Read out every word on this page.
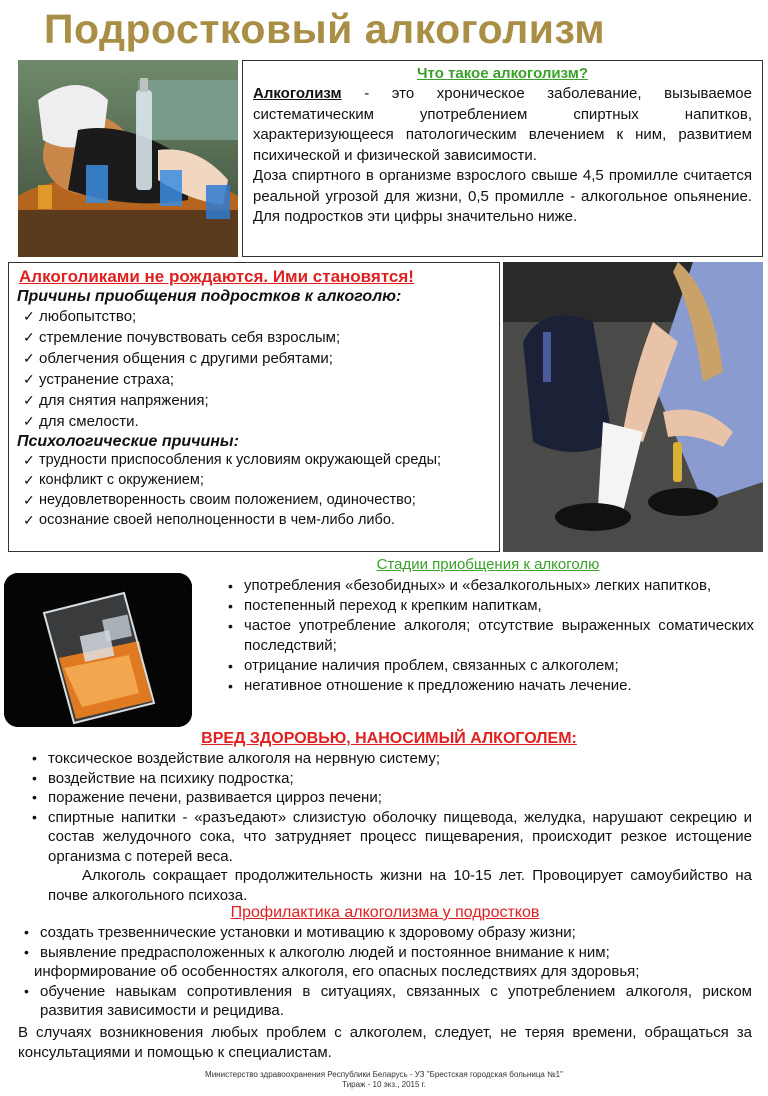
Подростковый алкоголизм
Что такое алкоголизм?

Алкоголизм - это хроническое заболевание, вызываемое систематическим употреблением спиртных напитков, характеризующееся патологическим влечением к ним, развитием психической и физической зависимости.

Доза спиртного в организме взрослого свыше 4,5 промилле считается реальной угрозой для жизни, 0,5 промилле - алкогольное опьянение. Для подростков эти цифры значительно ниже.

Алкоголиками не рождаются. Ими становятся!
Причины приобщения подростков к алкоголю:
✓ любопытство;
✓ стремление почувствовать себя взрослым;
✓ облегчения общения с другими ребятами;
✓ устранение страха;
✓ для снятия напряжения;
✓ для смелости.
Психологические причины:
✓ трудности приспособления к условиям окружающей среды;
✓ конфликт с окружением;
✓ неудовлетворенность своим положением, одиночество;
✓ осознание своей неполноценности в чем-либо либо.
Стадии приобщения к алкоголю
• употребления «безобидных» и «безалкогольных» легких напитков,
• постепенный переход к крепким напиткам,
• частое употребление алкоголя; отсутствие выраженных соматических последствий;
• отрицание наличия проблем, связанных с алкоголем;
• негативное отношение к предложению начать лечение.
ВРЕД ЗДОРОВЬЮ, НАНОСИМЫЙ АЛКОГОЛЕМ:
• токсическое воздействие алкоголя на нервную систему;
• воздействие на психику подростка;
• поражение печени, развивается цирроз печени;
• спиртные напитки - «разъедают» слизистую оболочку пищевода, желудка, нарушают секрецию и состав желудочного сока, что затрудняет процесс пищеварения, происходит резкое истощение организма с потерей веса.

Алкоголь сокращает продолжительность жизни на 10-15 лет. Провоцирует самоубийство на почве алкогольного психоза.

Профилактика алкоголизма у подростков
• создать трезвеннические установки и мотивацию к здоровому образу жизни;
• выявление предрасположенных к алкоголю людей и постоянное внимание к ним;

информирование об особенностях алкоголя, его опасных последствиях для здоровья;

• обучение навыкам сопротивления в ситуациях, связанных с употреблением алкоголя, риском развития зависимости и рецидива.

В случаях возникновения любых проблем с алкоголем, следует, не теряя времени, обращаться за консультациями и помощью к специалистам.

Министерство здравоохранения Республики Беларусь - УЗ "Брестская городская больница №1"
Тираж - 10 экз., 2015 г.
